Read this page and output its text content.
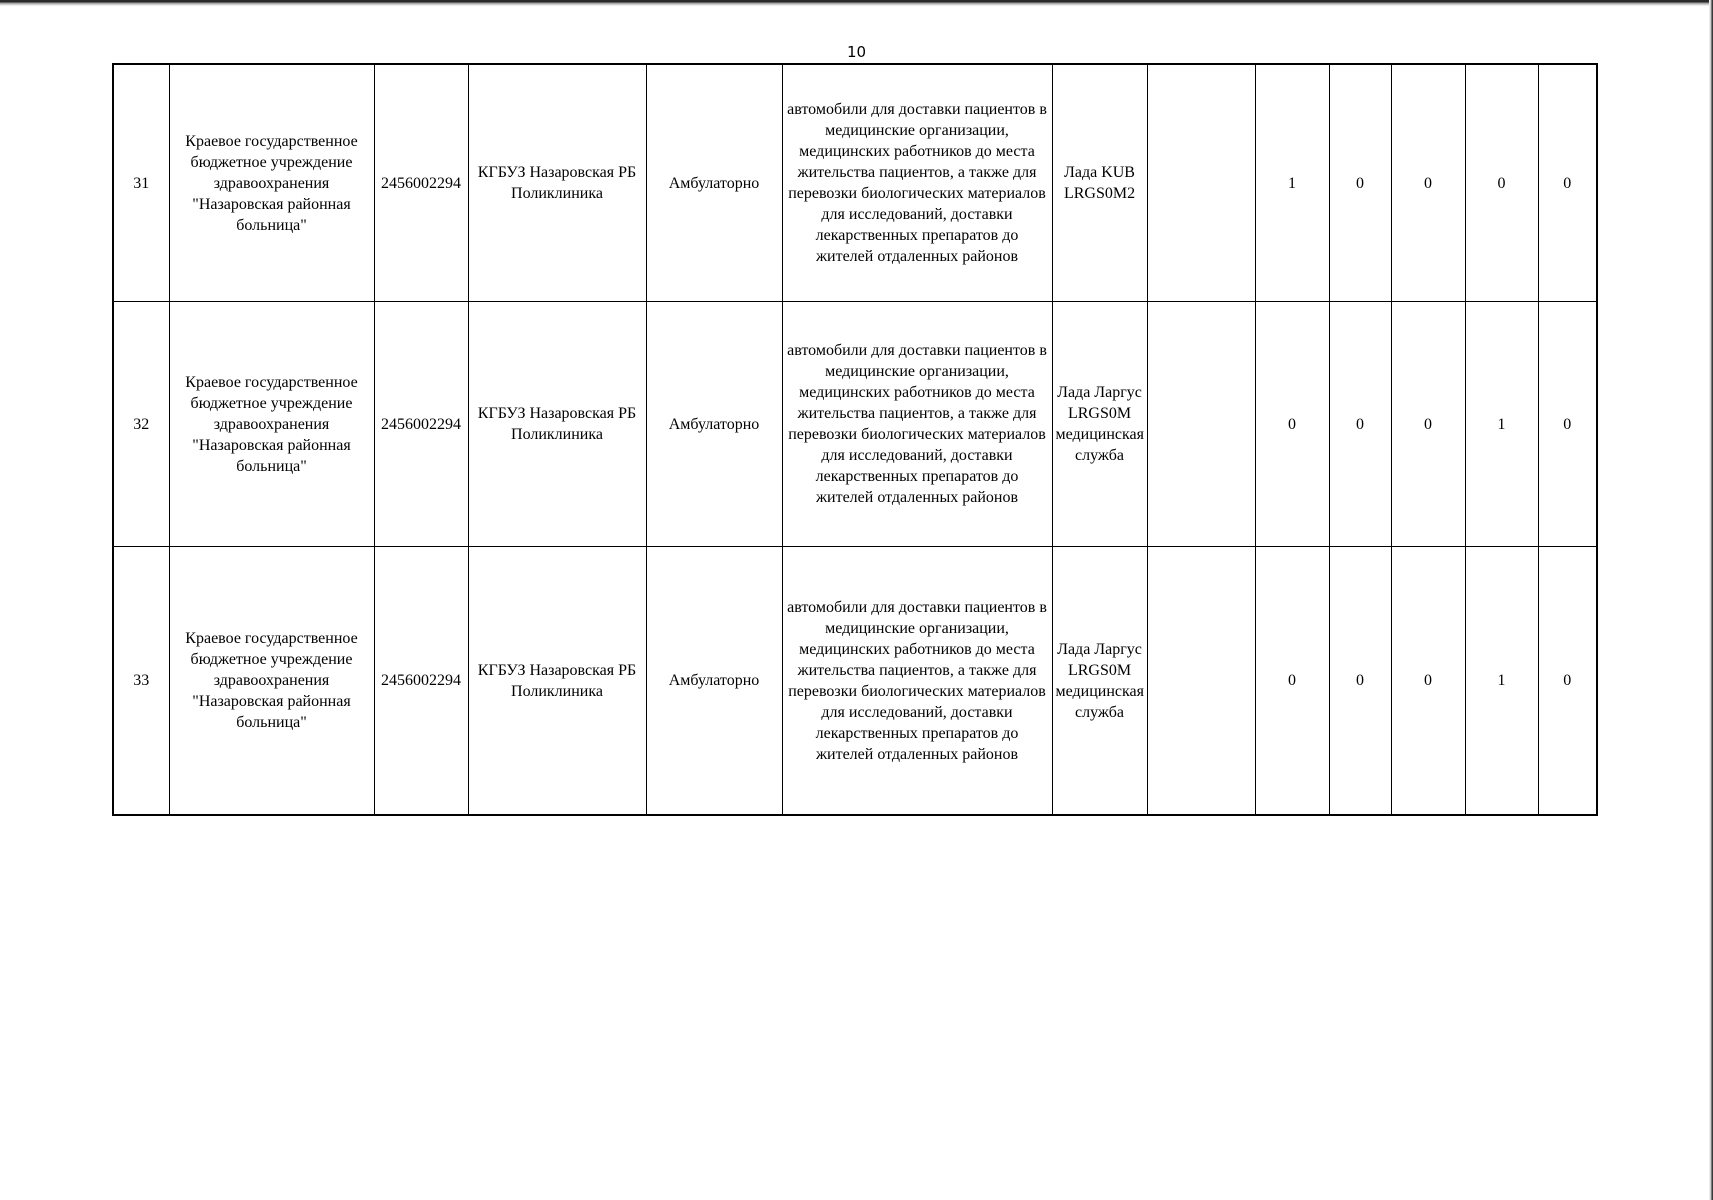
10
31	Краевое государственное бюджетное учреждение здравоохранения "Назаровская районная больница"	2456002294	КГБУЗ Назаровская РБ Поликлиника	Амбулаторно	автомобили для доставки пациентов в медицинские организации, медицинских работников до места жительства пациентов, а также для перевозки биологических материалов для исследований, доставки лекарственных препаратов до жителей отдаленных районов	Лада KUB LRGS0M2		1	0	0	0	0
32	Краевое государственное бюджетное учреждение здравоохранения "Назаровская районная больница"	2456002294	КГБУЗ Назаровская РБ Поликлиника	Амбулаторно	автомобили для доставки пациентов в медицинские организации, медицинских работников до места жительства пациентов, а также для перевозки биологических материалов для исследований, доставки лекарственных препаратов до жителей отдаленных районов	Лада Ларгус LRGS0M медицинская служба		0	0	0	1	0
33	Краевое государственное бюджетное учреждение здравоохранения "Назаровская районная больница"	2456002294	КГБУЗ Назаровская РБ Поликлиника	Амбулаторно	автомобили для доставки пациентов в медицинские организации, медицинских работников до места жительства пациентов, а также для перевозки биологических материалов для исследований, доставки лекарственных препаратов до жителей отдаленных районов	Лада Ларгус LRGS0M медицинская служба		0	0	0	1	0
